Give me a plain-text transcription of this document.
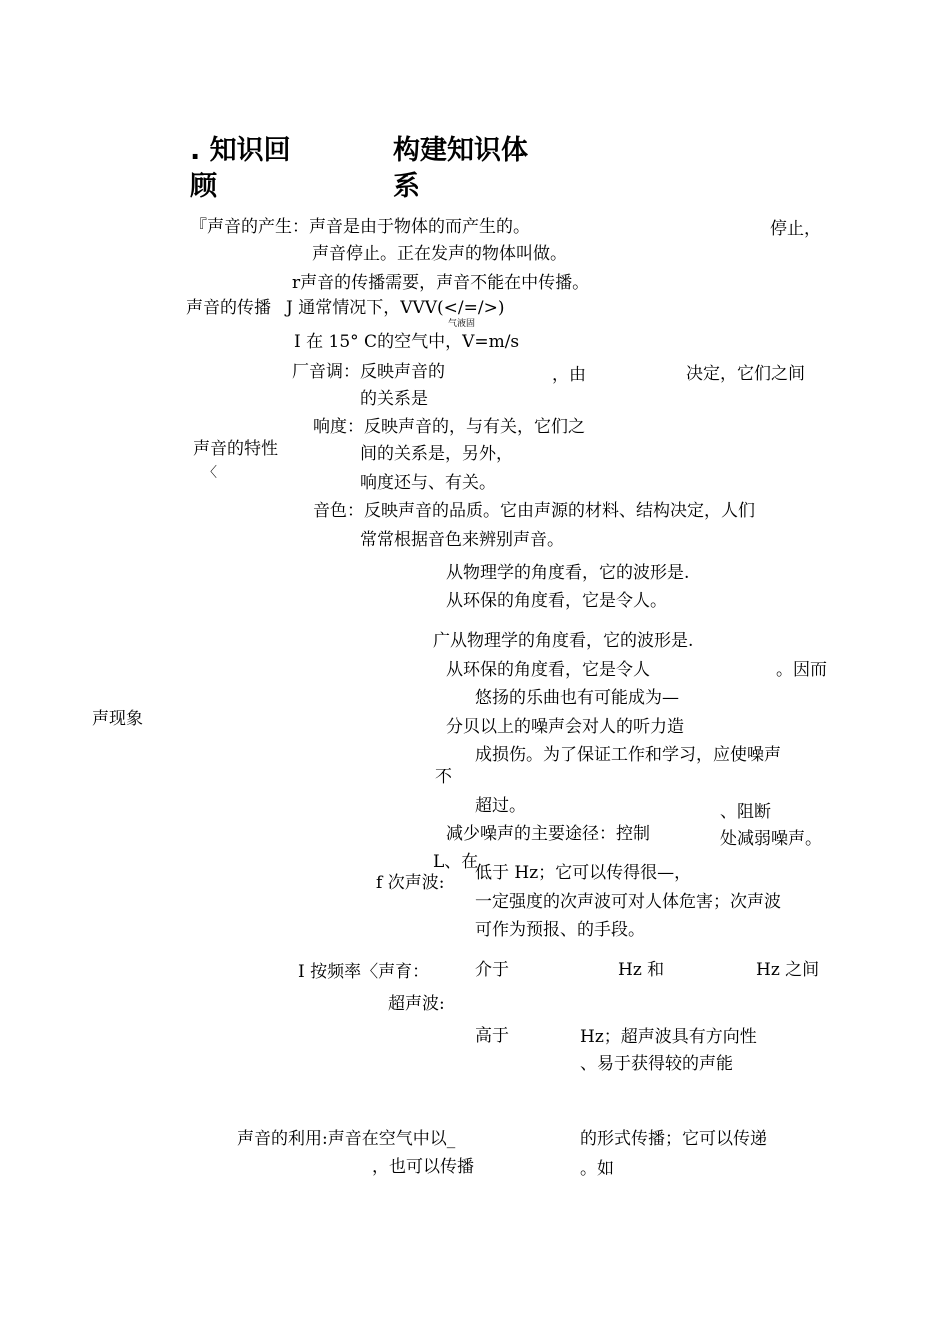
. 知识回
顾
构建知识体
系
声现象
『声音的产生：声音是由于物体的而产生的。	停止，
声音停止。正在发声的物体叫做。
r声音的传播需要，声音不能在中传播。
声音的传播 J 通常情况下，VVV(</=/>)
气液固
I 在 15° C的空气中，V=m/s
厂音调：反映声音的	，由	决定，它们之间
的关系是
响度：反映声音的，与有关，它们之
声音的特性	间的关系是，另外，
〈	响度还与、有关。
音色：反映声音的品质。它由声源的材料、结构决定，人们
常常根据音色来辨别声音。
从物理学的角度看，它的波形是.
从环保的角度看，它是令人。
广从物理学的角度看，它的波形是.
从环保的角度看，它是令人	。因而
悠扬的乐曲也有可能成为—
分贝以上的噪声会对人的听力造
成损伤。为了保证工作和学习，应使噪声
不
超过。	、阻断
减少噪声的主要途径：控制	处减弱噪声。
L、在
f 次声波: 低于 Hz；它可以传得很—，
一定强度的次声波可对人体危害；次声波
可作为预报、的手段。
I 按频率〈声育：	介于	Hz 和	Hz 之间
超声波:
高于	Hz；超声波具有方向性
、易于获得较的声能
声音的利用:声音在空气中以_	的形式传播；它可以传递
，也可以传播	。如
